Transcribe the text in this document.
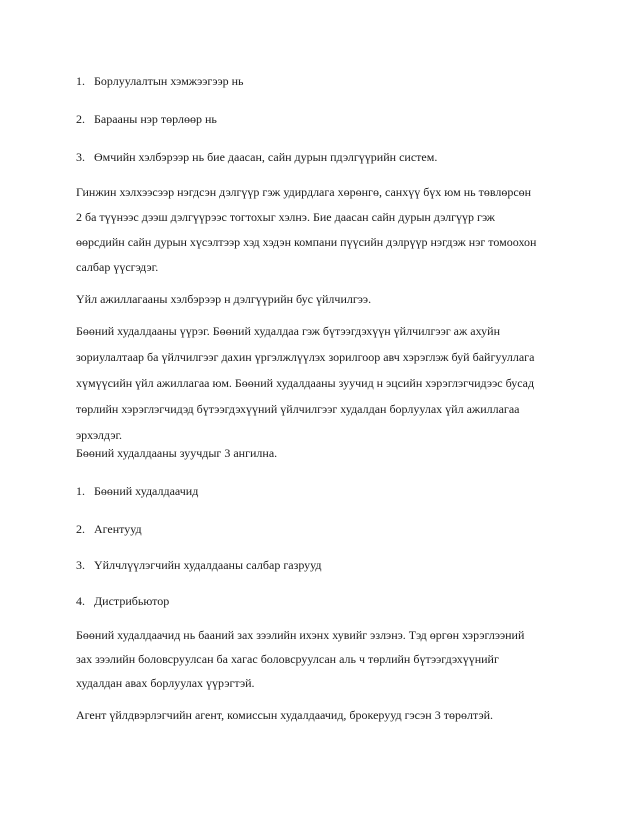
1. Борлуулалтын хэмжээгээр нь
2. Барааны нэр төрлөөр нь
3. Өмчийн хэлбэрээр нь бие даасан, сайн дурын пдэлгүүрийн систем.
Гинжин хэлхээсээр нэгдсэн дэлгүүр гэж удирдлага хөрөнгө, санхүү бүх юм нь төвлөрсөн
2 ба түүнээс дээш дэлгүүрээс тогтохыг хэлнэ. Бие даасан сайн дурын дэлгүүр гэж
өөрсдийн сайн дурын хүсэлтээр хэд хэдэн компани пүүсийн дэлрүүр нэгдэж нэг томоохон
салбар үүсгэдэг.
Үйл ажиллагааны хэлбэрээр н дэлгүүрийн бус үйлчилгээ.
Бөөний худалдааны үүрэг. Бөөний худалдаа гэж бүтээгдэхүүн үйлчилгээг аж ахуйн
зориулалтаар ба үйлчилгээг дахин үргэлжлүүлэх зорилгоор авч хэрэглэж буй байгууллага
хүмүүсийн үйл ажиллагаа юм. Бөөний худалдааны зуучид н эцсийн хэрэглэгчидээс бусад
төрлийн хэрэглэгчидэд бүтээгдэхүүний үйлчилгээг худалдан борлуулах үйл ажиллагаа
эрхэлдэг.
Бөөний худалдааны зуучдыг 3 ангилна.
1. Бөөний худалдаачид
2. Агентууд
3. Үйлчлүүлэгчийн худалдааны салбар газрууд
4. Дистрибьютор
Бөөний худалдаачид нь бааний зах зээлийн ихэнх хувийг эзлэнэ. Тэд өргөн хэрэглээний
зах зээлийн боловсруулсан ба хагас боловсруулсан аль ч төрлийн бүтээгдэхүүнийг
худалдан авах борлуулах үүрэгтэй.
Агент үйлдвэрлэгчийн агент, комиссын худалдаачид, брокерууд гэсэн 3 төрөлтэй.
